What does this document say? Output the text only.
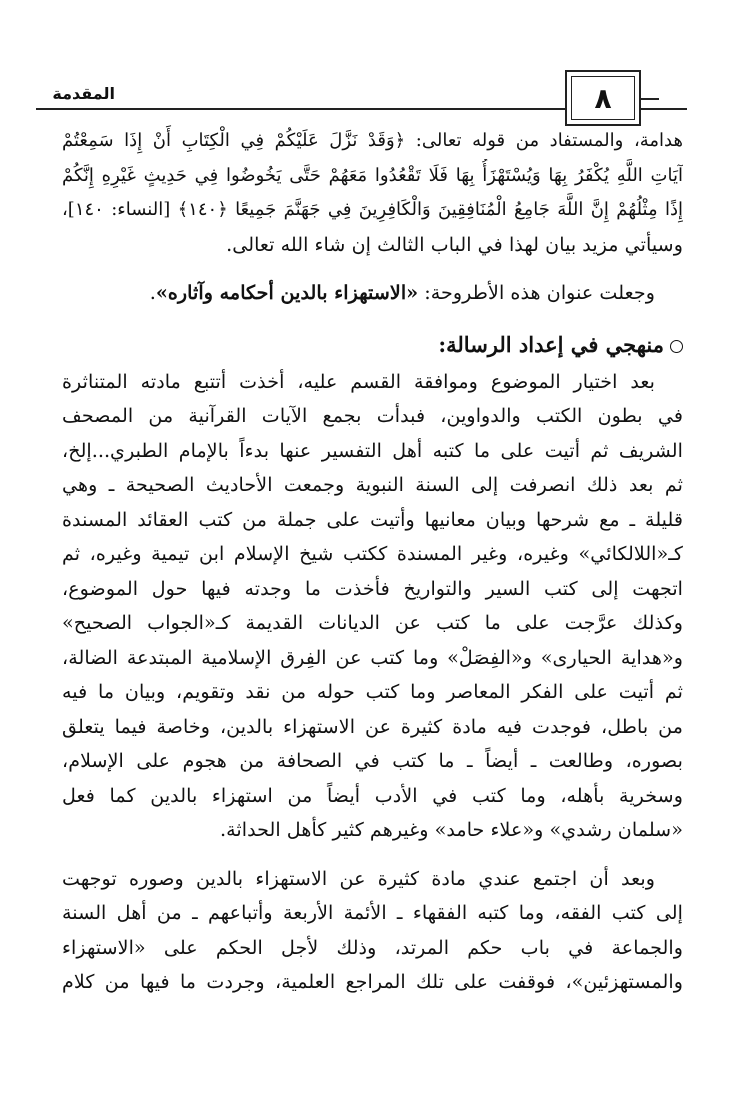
المقدمة	٨
هدامة، والمستفاد من قوله تعالى: ﴿وَقَدْ نَزَّلَ عَلَيْكُمْ فِي الْكِتَابِ أَنْ إِذَا سَمِعْتُمْ
آيَاتِ اللَّهِ يُكْفَرُ بِهَا وَيُسْتَهْزَأُ بِهَا فَلَا تَقْعُدُوا مَعَهُمْ حَتَّى يَخُوضُوا فِي حَدِيثٍ غَيْرِهِ إِنَّكُمْ
إِذًا مِثْلُهُمْ إِنَّ اللَّهَ جَامِعُ الْمُنَافِقِينَ وَالْكَافِرِينَ فِي جَهَنَّمَ جَمِيعًا ﴿١٤٠﴾ [النساء: ١٤٠]،
وسيأتي مزيد بيان لهذا في الباب الثالث إن شاء الله تعالى.
وجعلت عنوان هذه الأطروحة: «الاستهزاء بالدين أحكامه وآثاره».
منهجي في إعداد الرسالة:
بعد اختيار الموضوع وموافقة القسم عليه، أخذت أتتبع مادته المتناثرة
في بطون الكتب والدواوين، فبدأت بجمع الآيات القرآنية من المصحف
الشريف ثم أتيت على ما كتبه أهل التفسير عنها بدءاً بالإمام الطبري...إلخ،
ثم بعد ذلك انصرفت إلى السنة النبوية وجمعت الأحاديث الصحيحة ـ وهي
قليلة ـ مع شرحها وبيان معانيها وأتيت على جملة من كتب العقائد المسندة
كـ«اللالكائي» وغيره، وغير المسندة ككتب شيخ الإسلام ابن تيمية وغيره، ثم
اتجهت إلى كتب السير والتواريخ فأخذت ما وجدته فيها حول الموضوع،
وكذلك عرَّجت على ما كتب عن الديانات القديمة كـ«الجواب الصحيح»
و«هداية الحيارى» و«الفِصَلْ» وما كتب عن الفِرق الإسلامية المبتدعة الضالة،
ثم أتيت على الفكر المعاصر وما كتب حوله من نقد وتقويم، وبيان ما فيه
من باطل، فوجدت فيه مادة كثيرة عن الاستهزاء بالدين، وخاصة فيما يتعلق
بصوره، وطالعت ـ أيضاً ـ ما كتب في الصحافة من هجوم على الإسلام،
وسخرية بأهله، وما كتب في الأدب أيضاً من استهزاء بالدين كما فعل
«سلمان رشدي» و«علاء حامد» وغيرهم كثير كأهل الحداثة.
وبعد أن اجتمع عندي مادة كثيرة عن الاستهزاء بالدين وصوره توجهت
إلى كتب الفقه، وما كتبه الفقهاء ـ الأئمة الأربعة وأتباعهم ـ من أهل السنة
والجماعة في باب حكم المرتد، وذلك لأجل الحكم على «الاستهزاء
والمستهزئين»، فوقفت على تلك المراجع العلمية، وجردت ما فيها من كلام
